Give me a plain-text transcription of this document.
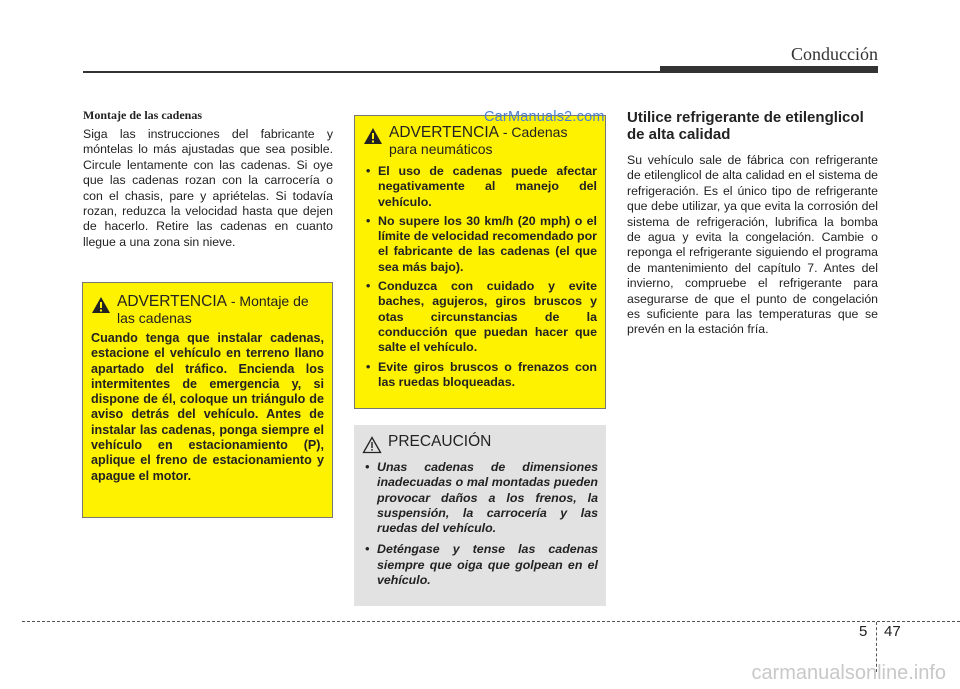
Conducción
Montaje de las cadenas

Siga las instrucciones del fabricante y móntelas lo más ajustadas que sea posible. Circule lentamente con las cadenas. Si oye que las cadenas rozan con la carrocería o con el chasis, pare y apriételas. Si todavía rozan, reduzca la velocidad hasta que dejen de hacerlo. Retire las cadenas en cuanto llegue a una zona sin nieve.

ADVERTENCIA - Montaje de las cadenas

Cuando tenga que instalar cadenas, estacione el vehículo en terreno llano apartado del tráfico. Encienda los intermitentes de emergencia y, si dispone de él, coloque un triángulo de aviso detrás del vehículo. Antes de instalar las cadenas, ponga siempre el vehículo en estacionamiento (P), aplique el freno de estacionamiento y apague el motor.

ADVERTENCIA - Cadenas para neumáticos
• El uso de cadenas puede afectar negativamente al manejo del vehículo.
• No supere los 30 km/h (20 mph) o el límite de velocidad recomendado por el fabricante de las cadenas (el que sea más bajo).
• Conduzca con cuidado y evite baches, agujeros, giros bruscos y otas circunstancias de la conducción que puedan hacer que salte el vehículo.
• Evite giros bruscos o frenazos con las ruedas bloqueadas.
CarManuals2.com
PRECAUCIÓN
• Unas cadenas de dimensiones inadecuadas o mal montadas pueden provocar daños a los frenos, la suspensión, la carrocería y las ruedas del vehículo.
• Deténgase y tense las cadenas siempre que oiga que golpean en el vehículo.
Utilice refrigerante de etilenglicol de alta calidad

Su vehículo sale de fábrica con refrigerante de etilenglicol de alta calidad en el sistema de refrigeración. Es el único tipo de refrigerante que debe utilizar, ya que evita la corrosión del sistema de refrigeración, lubrifica la bomba de agua y evita la congelación. Cambie o reponga el refrigerante siguiendo el programa de mantenimiento del capítulo 7. Antes del invierno, compruebe el refrigerante para asegurarse de que el punto de congelación es suficiente para las temperaturas que se prevén en la estación fría.

5 47
carmanualsonline.info
